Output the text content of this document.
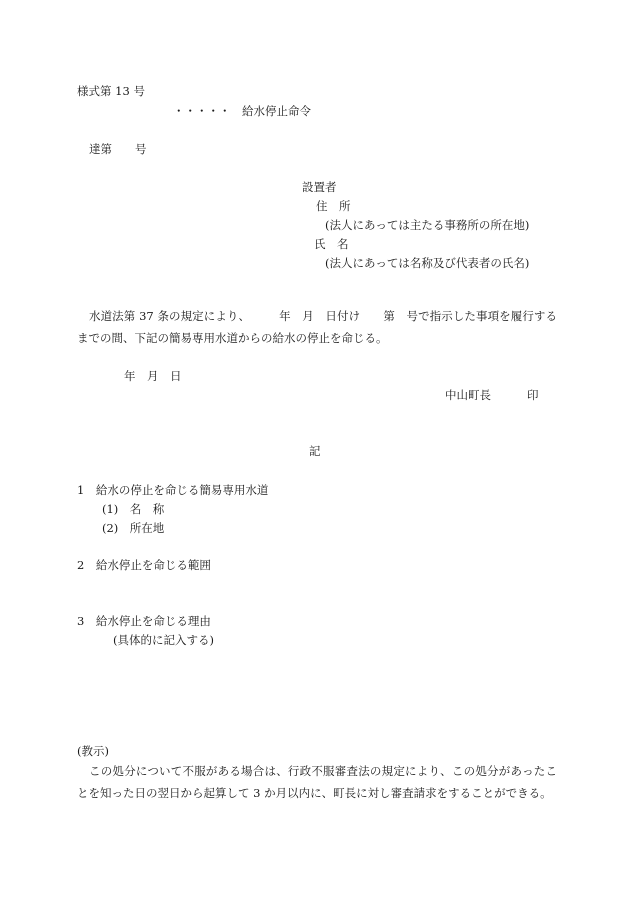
様式第 13 号

・・・・・　給水停止命令

達第　　号

設置者

住　所

(法人にあっては主たる事務所の所在地)

氏　名

(法人にあっては名称及び代表者の氏名)

水道法第 37 条の規定により、　　　年　月　日付け　　第　号で指示した事項を履行するまでの間、下記の簡易専用水道からの給水の停止を命じる。

年　月　日

中山町長	印

記

1　給水の停止を命じる簡易専用水道

(1)　名　称

(2)　所在地

2　給水停止を命じる範囲

3　給水停止を命じる理由

(具体的に記入する)

(教示)

この処分について不服がある場合は、行政不服審査法の規定により、この処分があったことを知った日の翌日から起算して 3 か月以内に、町長に対し審査請求をすることができる。
